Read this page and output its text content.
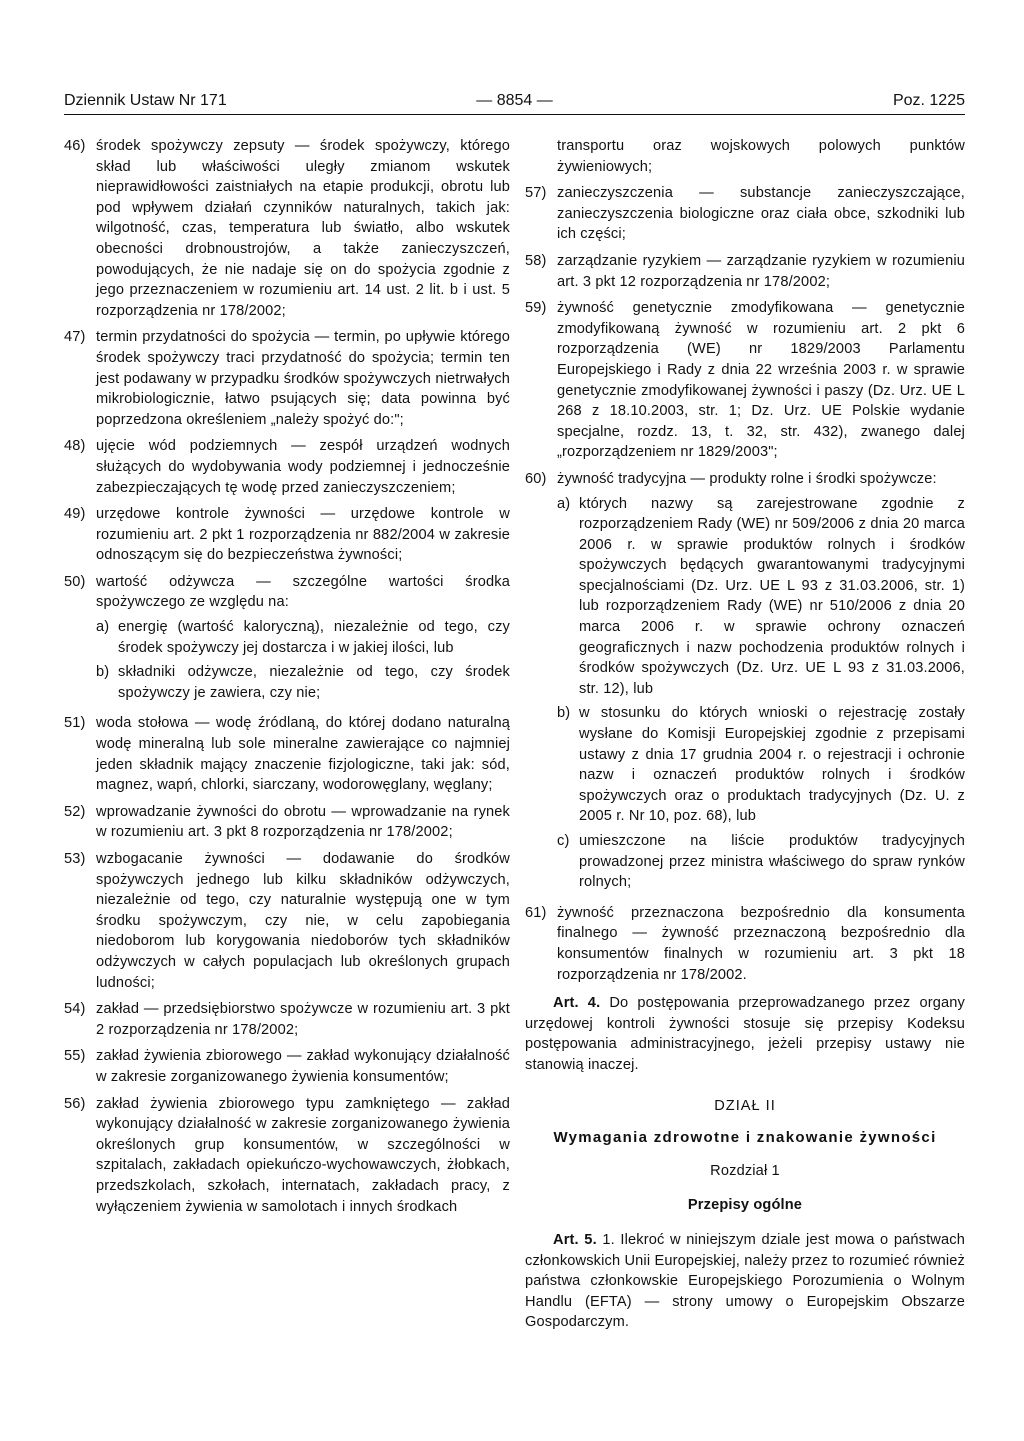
Dziennik Ustaw Nr 171	— 8854 —	Poz. 1225
46) środek spożywczy zepsuty — środek spożywczy, którego skład lub właściwości uległy zmianom wskutek nieprawidłowości zaistniałych na etapie produkcji, obrotu lub pod wpływem działań czynników naturalnych, takich jak: wilgotność, czas, temperatura lub światło, albo wskutek obecności drobnoustrojów, a także zanieczyszczeń, powodujących, że nie nadaje się on do spożycia zgodnie z jego przeznaczeniem w rozumieniu art. 14 ust. 2 lit. b i ust. 5 rozporządzenia nr 178/2002;
47) termin przydatności do spożycia — termin, po upływie którego środek spożywczy traci przydatność do spożycia; termin ten jest podawany w przypadku środków spożywczych nietrwałych mikrobiologicznie, łatwo psujących się; data powinna być poprzedzona określeniem „należy spożyć do:";
48) ujęcie wód podziemnych — zespół urządzeń wodnych służących do wydobywania wody podziemnej i jednocześnie zabezpieczających tę wodę przed zanieczyszczeniem;
49) urzędowe kontrole żywności — urzędowe kontrole w rozumieniu art. 2 pkt 1 rozporządzenia nr 882/2004 w zakresie odnoszącym się do bezpieczeństwa żywności;
50) wartość odżywcza — szczególne wartości środka spożywczego ze względu na:
a) energię (wartość kaloryczną), niezależnie od tego, czy środek spożywczy jej dostarcza i w jakiej ilości, lub
b) składniki odżywcze, niezależnie od tego, czy środek spożywczy je zawiera, czy nie;
51) woda stołowa — wodę źródlaną, do której dodano naturalną wodę mineralną lub sole mineralne zawierające co najmniej jeden składnik mający znaczenie fizjologiczne, taki jak: sód, magnez, wapń, chlorki, siarczany, wodorowęglany, węglany;
52) wprowadzanie żywności do obrotu — wprowadzanie na rynek w rozumieniu art. 3 pkt 8 rozporządzenia nr 178/2002;
53) wzbogacanie żywności — dodawanie do środków spożywczych jednego lub kilku składników odżywczych, niezależnie od tego, czy naturalnie występują one w tym środku spożywczym, czy nie, w celu zapobiegania niedoborom lub korygowania niedoborów tych składników odżywczych w całych populacjach lub określonych grupach ludności;
54) zakład — przedsiębiorstwo spożywcze w rozumieniu art. 3 pkt 2 rozporządzenia nr 178/2002;
55) zakład żywienia zbiorowego — zakład wykonujący działalność w zakresie zorganizowanego żywienia konsumentów;
56) zakład żywienia zbiorowego typu zamkniętego — zakład wykonujący działalność w zakresie zorganizowanego żywienia określonych grup konsumentów, w szczególności w szpitalach, zakładach opiekuńczo-wychowawczych, żłobkach, przedszkolach, szkołach, internatach, zakładach pracy, z wyłączeniem żywienia w samolotach i innych środkach
transportu oraz wojskowych polowych punktów żywieniowych;
57) zanieczyszczenia — substancje zanieczyszczające, zanieczyszczenia biologiczne oraz ciała obce, szkodniki lub ich części;
58) zarządzanie ryzykiem — zarządzanie ryzykiem w rozumieniu art. 3 pkt 12 rozporządzenia nr 178/2002;
59) żywność genetycznie zmodyfikowana — genetycznie zmodyfikowaną żywność w rozumieniu art. 2 pkt 6 rozporządzenia (WE) nr 1829/2003 Parlamentu Europejskiego i Rady z dnia 22 września 2003 r. w sprawie genetycznie zmodyfikowanej żywności i paszy (Dz. Urz. UE L 268 z 18.10.2003, str. 1; Dz. Urz. UE Polskie wydanie specjalne, rozdz. 13, t. 32, str. 432), zwanego dalej „rozporządzeniem nr 1829/2003";
60) żywność tradycyjna — produkty rolne i środki spożywcze:
a) których nazwy są zarejestrowane zgodnie z rozporządzeniem Rady (WE) nr 509/2006 z dnia 20 marca 2006 r. w sprawie produktów rolnych i środków spożywczych będących gwarantowanymi tradycyjnymi specjalnościami (Dz. Urz. UE L 93 z 31.03.2006, str. 1) lub rozporządzeniem Rady (WE) nr 510/2006 z dnia 20 marca 2006 r. w sprawie ochrony oznaczeń geograficznych i nazw pochodzenia produktów rolnych i środków spożywczych (Dz. Urz. UE L 93 z 31.03.2006, str. 12), lub
b) w stosunku do których wnioski o rejestrację zostały wysłane do Komisji Europejskiej zgodnie z przepisami ustawy z dnia 17 grudnia 2004 r. o rejestracji i ochronie nazw i oznaczeń produktów rolnych i środków spożywczych oraz o produktach tradycyjnych (Dz. U. z 2005 r. Nr 10, poz. 68), lub
c) umieszczone na liście produktów tradycyjnych prowadzonej przez ministra właściwego do spraw rynków rolnych;
61) żywność przeznaczona bezpośrednio dla konsumenta finalnego — żywność przeznaczoną bezpośrednio dla konsumentów finalnych w rozumieniu art. 3 pkt 18 rozporządzenia nr 178/2002.
Art. 4. Do postępowania przeprowadzanego przez organy urzędowej kontroli żywności stosuje się przepisy Kodeksu postępowania administracyjnego, jeżeli przepisy ustawy nie stanowią inaczej.
DZIAŁ II
Wymagania zdrowotne i znakowanie żywności
Rozdział 1
Przepisy ogólne
Art. 5. 1. Ilekroć w niniejszym dziale jest mowa o państwach członkowskich Unii Europejskiej, należy przez to rozumieć również państwa członkowskie Europejskiego Porozumienia o Wolnym Handlu (EFTA) — strony umowy o Europejskim Obszarze Gospodarczym.
